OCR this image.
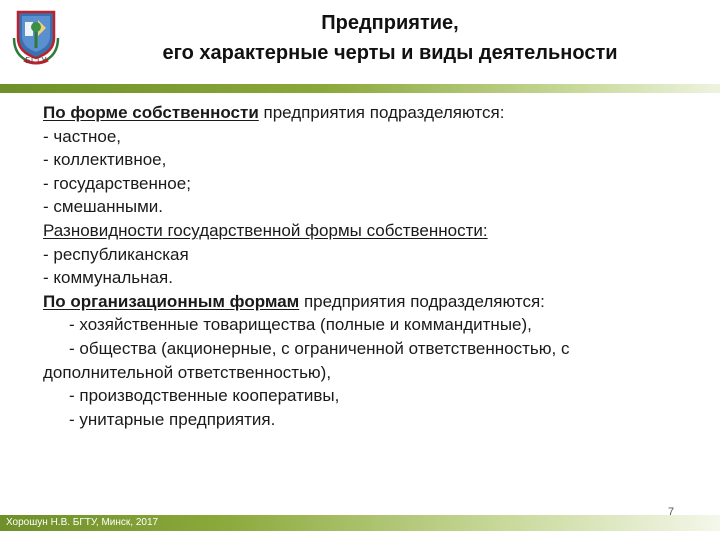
БГТУ
Предприятие,
его характерные черты и виды деятельности
По форме собственности предприятия подразделяются:
- частное,
- коллективное,
- государственное;
- смешанными.
Разновидности государственной формы собственности:
- республиканская
- коммунальная.
По организационным формам предприятия подразделяются:
- хозяйственные товарищества (полные и коммандитные),
- общества (акционерные, с ограниченной ответственностью, с
дополнительной ответственностью),
- производственные кооперативы,
- унитарные предприятия.
Хорошун Н.В. БГТУ, Минск, 2017
7
